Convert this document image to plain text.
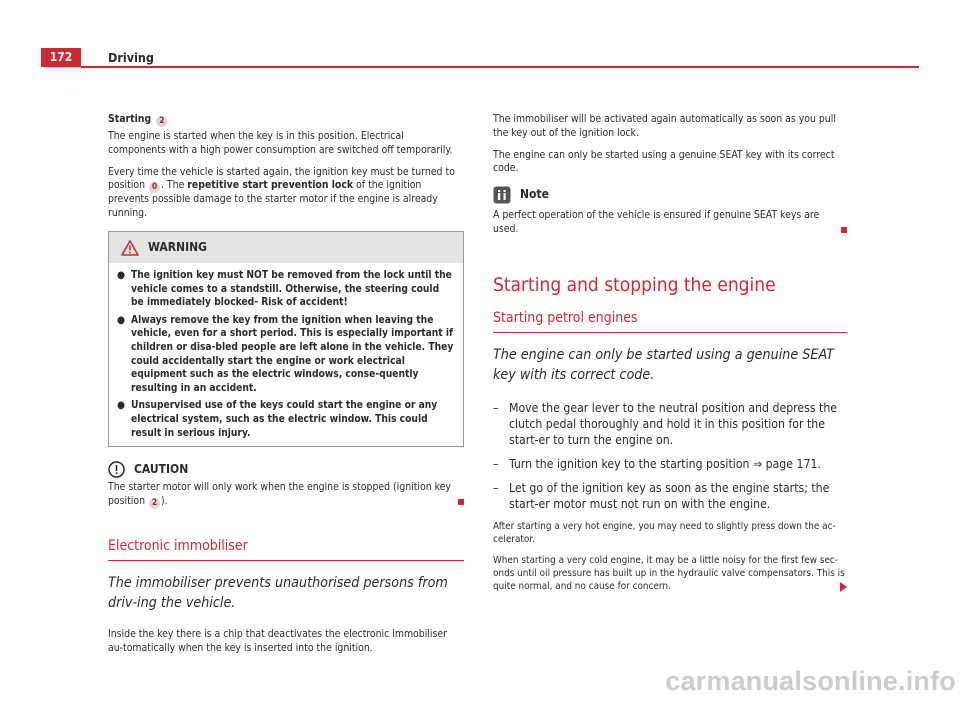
172	Driving
Starting 2

The engine is started when the key is in this position. Electrical components with a high power consumption are switched off temporarily.

Every time the vehicle is started again, the ignition key must be turned to position 0 . The repetitive start prevention lock of the ignition prevents possible damage to the starter motor if the engine is already running.

WARNING
● The ignition key must NOT be removed from the lock until the vehicle comes to a standstill. Otherwise, the steering could be immediately blocked- Risk of accident!
● Always remove the key from the ignition when leaving the vehicle, even for a short period. This is especially important if children or disa-bled people are left alone in the vehicle. They could accidentally start the engine or work electrical equipment such as the electric windows, conse-quently resulting in an accident.
● Unsupervised use of the keys could start the engine or any electrical system, such as the electric window. This could result in serious injury.
CAUTION

The starter motor will only work when the engine is stopped (ignition key position 2 ).

Electronic immobiliser
The immobiliser prevents unauthorised persons from driv-ing the vehicle.

Inside the key there is a chip that deactivates the electronic immobiliser au-tomatically when the key is inserted into the ignition.

The immobiliser will be activated again automatically as soon as you pull the key out of the ignition lock.

The engine can only be started using a genuine SEAT key with its correct code.

Note

A perfect operation of the vehicle is ensured if genuine SEAT keys are used.

Starting and stopping the engine
Starting petrol engines
The engine can only be started using a genuine SEAT key with its correct code.
– Move the gear lever to the neutral position and depress the clutch pedal thoroughly and hold it in this position for the start-er to turn the engine on.
– Turn the ignition key to the starting position ⇒ page 171.
– Let go of the ignition key as soon as the engine starts; the start-er motor must not run on with the engine.

After starting a very hot engine, you may need to slightly press down the ac-celerator.

When starting a very cold engine, it may be a little noisy for the first few sec-onds until oil pressure has built up in the hydraulic valve compensators. This is quite normal, and no cause for concern.

carmanualsonline.info
